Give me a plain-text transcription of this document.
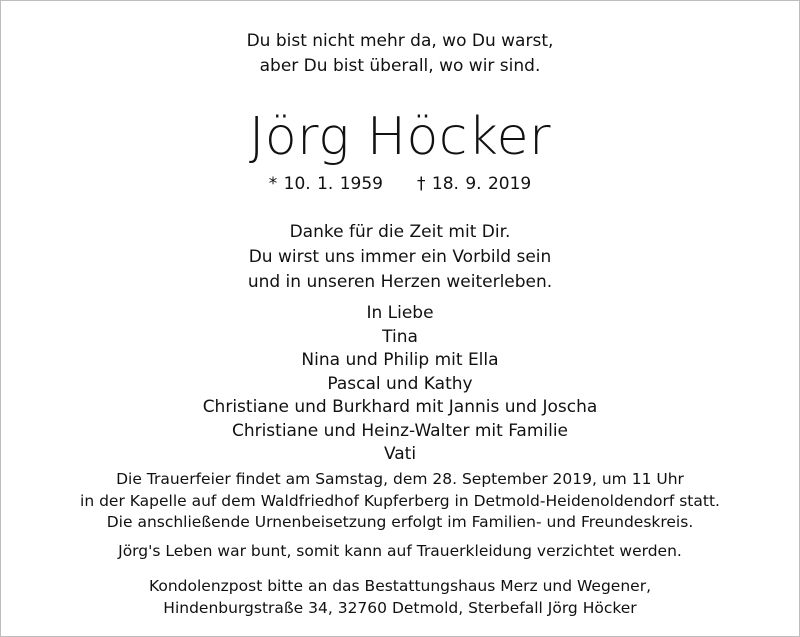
Du bist nicht mehr da, wo Du warst,
aber Du bist überall, wo wir sind.
Jörg Höcker
* 10. 1. 1959 † 18. 9. 2019
Danke für die Zeit mit Dir.
Du wirst uns immer ein Vorbild sein
und in unseren Herzen weiterleben.
In Liebe
Tina
Nina und Philip mit Ella
Pascal und Kathy
Christiane und Burkhard mit Jannis und Joscha
Christiane und Heinz-Walter mit Familie
Vati
Die Trauerfeier findet am Samstag, dem 28. September 2019, um 11 Uhr
in der Kapelle auf dem Waldfriedhof Kupferberg in Detmold-Heidenoldendorf statt.
Die anschließende Urnenbeisetzung erfolgt im Familien- und Freundeskreis.
Jörg's Leben war bunt, somit kann auf Trauerkleidung verzichtet werden.
Kondolenzpost bitte an das Bestattungshaus Merz und Wegener,
Hindenburgstraße 34, 32760 Detmold, Sterbefall Jörg Höcker
